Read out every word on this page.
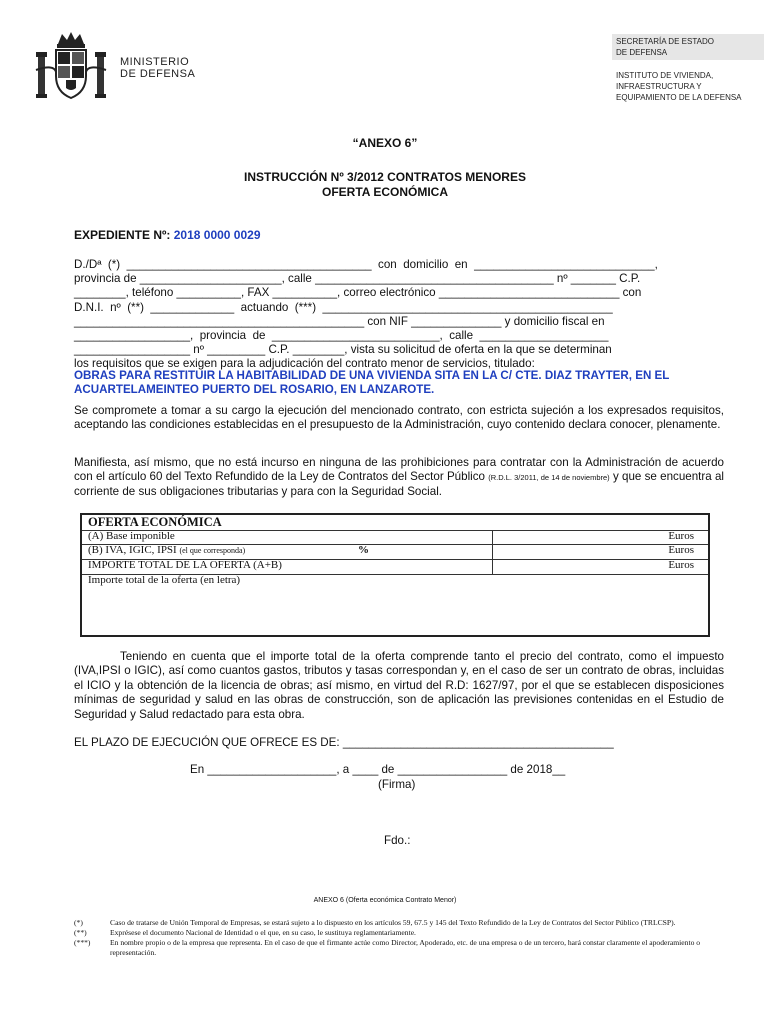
MINISTERIO
DE DEFENSA
SECRETARÍA DE ESTADO
DE DEFENSA
INSTITUTO DE VIVIENDA,
INFRAESTRUCTURA Y
EQUIPAMIENTO DE LA DEFENSA
“ANEXO 6”
INSTRUCCIÓN Nº 3/2012 CONTRATOS MENORES
OFERTA ECONÓMICA
EXPEDIENTE Nº: 2018 0000 0029
D./Dª  (*)  ______________________________________  con  domicilio  en  ____________________________,
provincia de ______________________, calle _____________________________________ nº _______ C.P.
________, teléfono __________, FAX __________, correo electrónico ____________________________ con
D.N.I.  nº  (**)  _____________  actuando  (***)  _____________________________________________
_____________________________________________ con NIF ______________ y domicilio fiscal en
__________________,  provincia  de  __________________________,  calle  ____________________
__________________ nº _________ C.P. ________, vista su solicitud de oferta en la que se determinan
los requisitos que se exigen para la adjudicación del contrato menor de servicios, titulado:
OBRAS PARA RESTITUIR LA HABITABILIDAD DE UNA VIVIENDA SITA EN LA C/ CTE. DIAZ TRAYTER, EN EL ACUARTELAMEINTEO PUERTO DEL ROSARIO, EN LANZAROTE.
Se compromete a tomar a su cargo la ejecución del mencionado contrato, con estricta sujeción a los expresados requisitos, aceptando las condiciones establecidas en el presupuesto de la Administración, cuyo contenido declara conocer, plenamente.
Manifiesta, así mismo, que no está incurso en ninguna de las prohibiciones para contratar con la Administración de acuerdo con el artículo 60 del Texto Refundido de la Ley de Contratos del Sector Público (R.D.L. 3/2011, de 14 de noviembre) y que se encuentra al corriente de sus obligaciones tributarias y para con la Seguridad Social.
OFERTA ECONÓMICA
(A) Base imponible	Euros
(B) IVA, IGIC, IPSI (el que corresponda)	%	Euros
IMPORTE TOTAL DE LA OFERTA (A+B)	Euros
Importe total de la oferta (en letra)
Teniendo en cuenta que el importe total de la oferta comprende tanto el precio del contrato, como el impuesto (IVA,IPSI o IGIC), así como cuantos gastos, tributos y tasas correspondan y, en el caso de ser un contrato de obras, incluidas el ICIO y la obtención de la licencia de obras; así mismo, en virtud del R.D: 1627/97, por el que se establecen disposiciones mínimas de seguridad y salud en las obras de construcción, son de aplicación las previsiones contenidas en el Estudio de Seguridad y Salud redactado para esta obra.
EL PLAZO DE EJECUCIÓN QUE OFRECE ES DE: __________________________________________
En ____________________, a ____ de _________________ de 2018__
(Firma)
Fdo.:
ANEXO 6 (Oferta económica Contrato Menor)
(*)	Caso de tratarse de Unión Temporal de Empresas, se estará sujeto a lo dispuesto en los artículos 59, 67.5 y 145 del Texto Refundido de la Ley de Contratos del Sector Público (TRLCSP).
(**)	Exprésese el documento Nacional de Identidad o el que, en su caso, le sustituya reglamentariamente.
(***)	En nombre propio o de la empresa que representa. En el caso de que el firmante actúe como Director, Apoderado, etc. de una empresa o de un tercero, hará constar claramente el apoderamiento o representación.
